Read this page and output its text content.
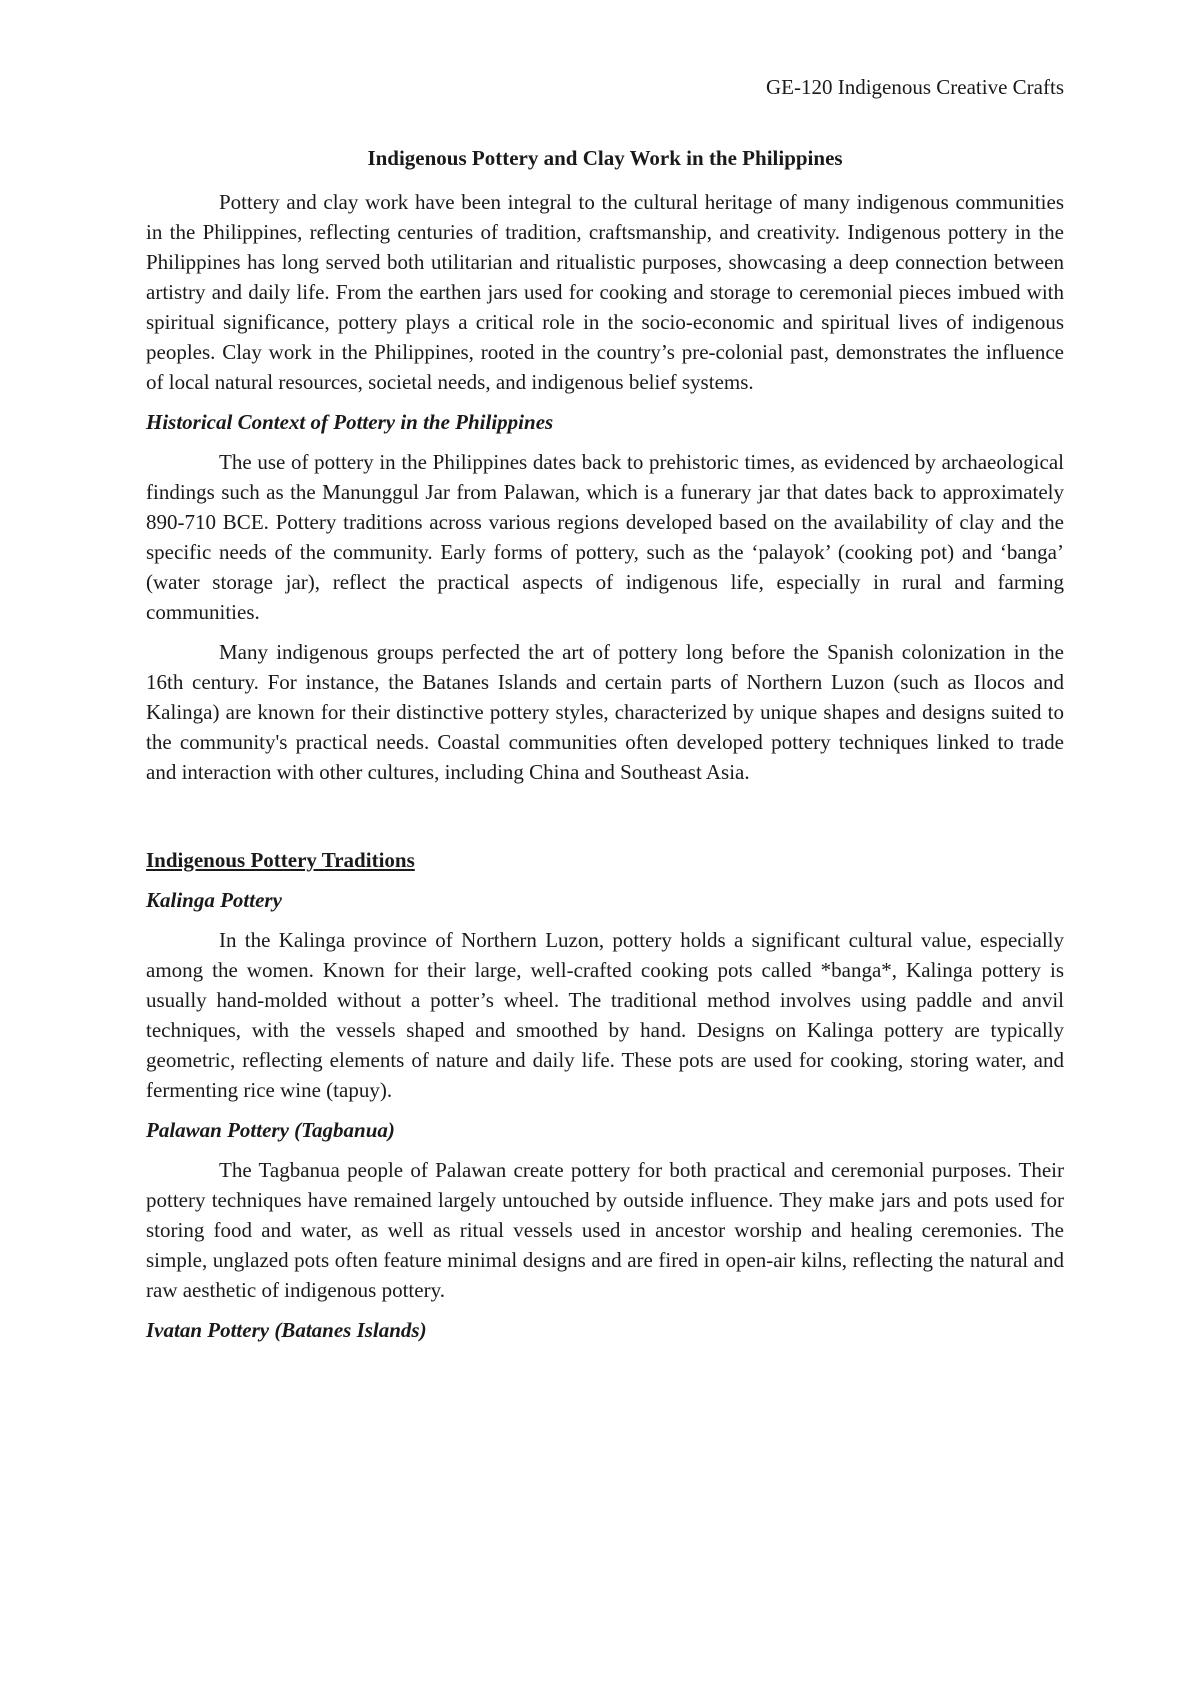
GE-120 Indigenous Creative Crafts
Indigenous Pottery and Clay Work in the Philippines

Pottery and clay work have been integral to the cultural heritage of many indigenous communities in the Philippines, reflecting centuries of tradition, craftsmanship, and creativity. Indigenous pottery in the Philippines has long served both utilitarian and ritualistic purposes, showcasing a deep connection between artistry and daily life. From the earthen jars used for cooking and storage to ceremonial pieces imbued with spiritual significance, pottery plays a critical role in the socio-economic and spiritual lives of indigenous peoples. Clay work in the Philippines, rooted in the country’s pre-colonial past, demonstrates the influence of local natural resources, societal needs, and indigenous belief systems.

Historical Context of Pottery in the Philippines

The use of pottery in the Philippines dates back to prehistoric times, as evidenced by archaeological findings such as the Manunggul Jar from Palawan, which is a funerary jar that dates back to approximately 890-710 BCE. Pottery traditions across various regions developed based on the availability of clay and the specific needs of the community. Early forms of pottery, such as the ‘palayok’ (cooking pot) and ‘banga’ (water storage jar), reflect the practical aspects of indigenous life, especially in rural and farming communities.

Many indigenous groups perfected the art of pottery long before the Spanish colonization in the 16th century. For instance, the Batanes Islands and certain parts of Northern Luzon (such as Ilocos and Kalinga) are known for their distinctive pottery styles, characterized by unique shapes and designs suited to the community's practical needs. Coastal communities often developed pottery techniques linked to trade and interaction with other cultures, including China and Southeast Asia.

Indigenous Pottery Traditions
Kalinga Pottery

In the Kalinga province of Northern Luzon, pottery holds a significant cultural value, especially among the women. Known for their large, well-crafted cooking pots called *banga*, Kalinga pottery is usually hand-molded without a potter’s wheel. The traditional method involves using paddle and anvil techniques, with the vessels shaped and smoothed by hand. Designs on Kalinga pottery are typically geometric, reflecting elements of nature and daily life. These pots are used for cooking, storing water, and fermenting rice wine (tapuy).

Palawan Pottery (Tagbanua)

The Tagbanua people of Palawan create pottery for both practical and ceremonial purposes. Their pottery techniques have remained largely untouched by outside influence. They make jars and pots used for storing food and water, as well as ritual vessels used in ancestor worship and healing ceremonies. The simple, unglazed pots often feature minimal designs and are fired in open-air kilns, reflecting the natural and raw aesthetic of indigenous pottery.

Ivatan Pottery (Batanes Islands)
